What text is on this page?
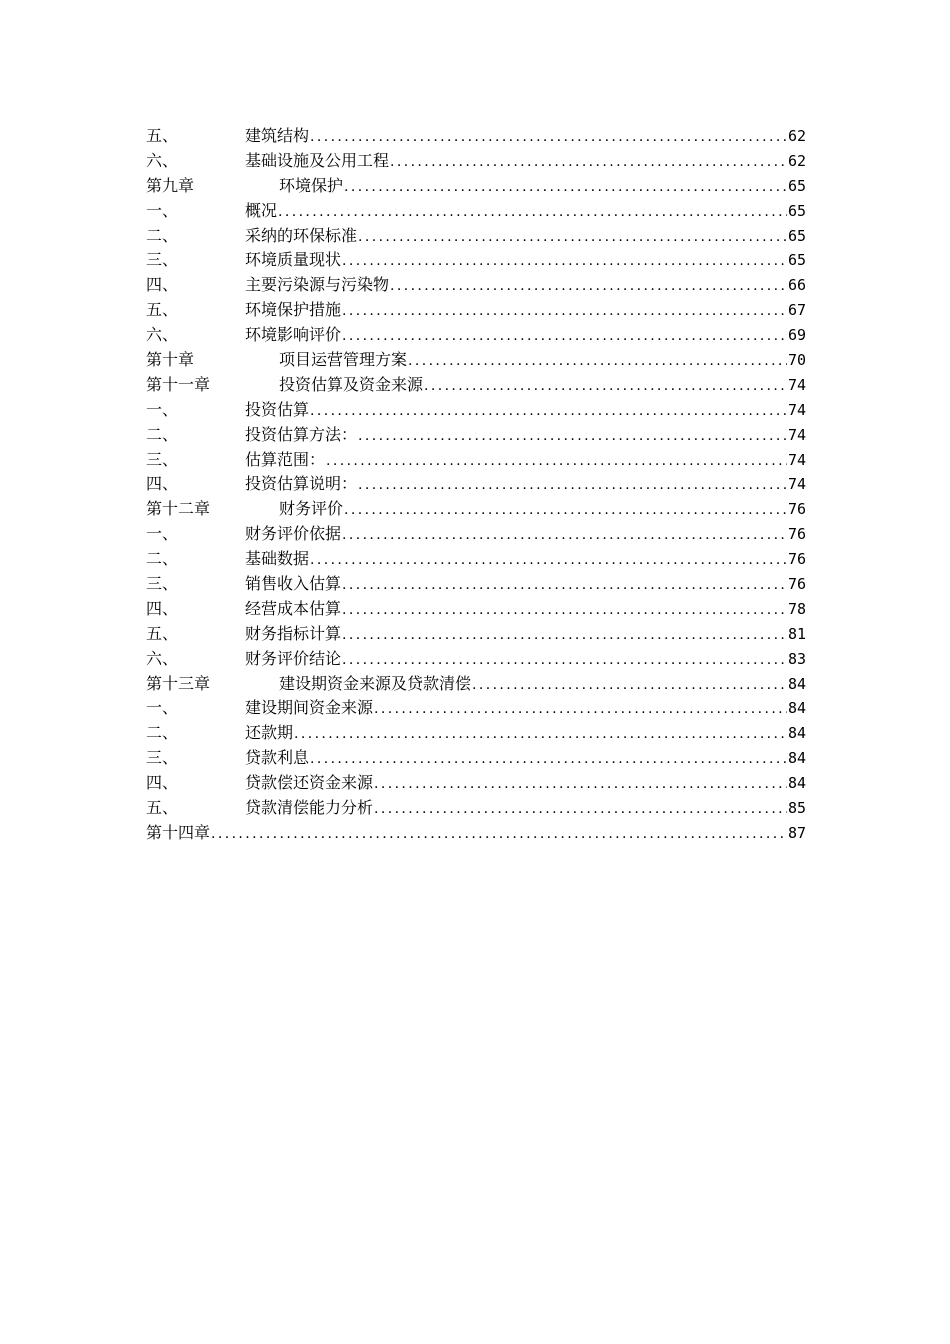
五、	建筑结构 .....	62
六、	基础设施及公用工程 .....	62
第九章	环境保护 .....	65
一、	概况 .....	65
二、	采纳的环保标准 .....	65
三、	环境质量现状 .....	65
四、	主要污染源与污染物 .....	66
五、	环境保护措施 .....	67
六、	环境影响评价 .....	69
第十章	项目运营管理方案 .....	70
第十一章	投资估算及资金来源 .....	74
一、	投资估算 .....	74
二、	投资估算方法： .....	74
三、	估算范围： .....	74
四、	投资估算说明： .....	74
第十二章	财务评价 .....	76
一、	财务评价依据 .....	76
二、	基础数据 .....	76
三、	销售收入估算 .....	76
四、	经营成本估算 .....	78
五、	财务指标计算 .....	81
六、	财务评价结论 .....	83
第十三章	建设期资金来源及贷款清偿 .....	84
一、	建设期间资金来源 .....	84
二、	还款期 .....	84
三、	贷款利息 .....	84
四、	贷款偿还资金来源 .....	84
五、	贷款清偿能力分析 .....	85
第十四章 .....	87
